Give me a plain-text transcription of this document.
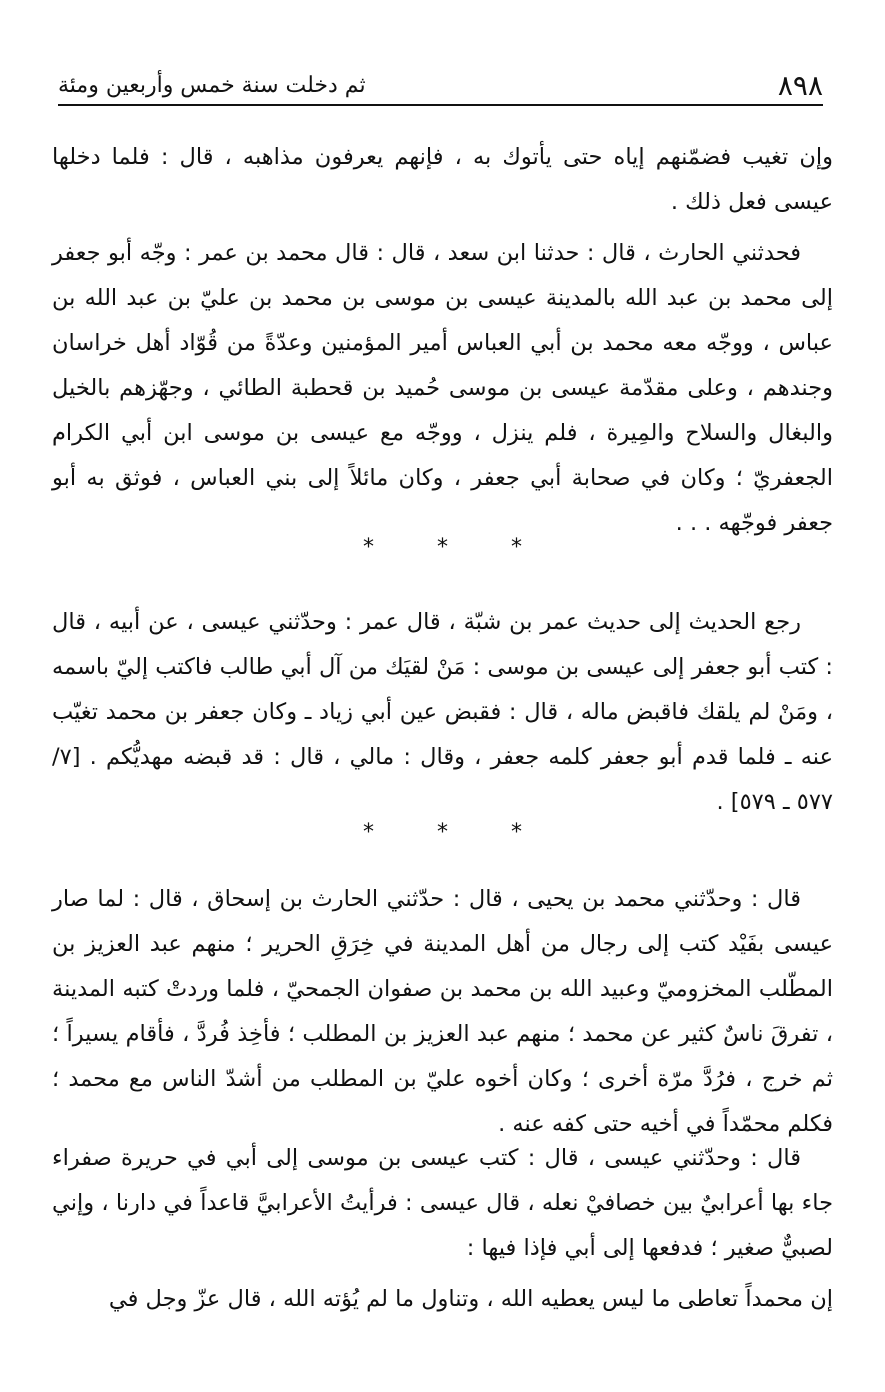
٨٩٨
ثم دخلت سنة خمس وأربعين ومئة

وإن تغيب فضمّنهم إياه حتى يأتوك به ، فإنهم يعرفون مذاهبه ، قال : فلما دخلها عيسى فعل ذلك .

فحدثني الحارث ، قال : حدثنا ابن سعد ، قال : قال محمد بن عمر : وجّه أبو جعفر إلى محمد بن عبد الله بالمدينة عيسى بن موسى بن محمد بن عليّ بن عبد الله بن عباس ، ووجّه معه محمد بن أبي العباس أمير المؤمنين وعدّةً من قُوّاد أهل خراسان وجندهم ، وعلى مقدّمة عيسى بن موسى حُميد بن قحطبة الطائي ، وجهّزهم بالخيل والبغال والسلاح والمِيرة ، فلم ينزل ، ووجّه مع عيسى بن موسى ابن أبي الكرام الجعفريّ ؛ وكان في صحابة أبي جعفر ، وكان مائلاً إلى بني العباس ، فوثق به أبو جعفر فوجّهه . . .

* * *

رجع الحديث إلى حديث عمر بن شبّة ، قال عمر : وحدّثني عيسى ، عن أبيه ، قال : كتب أبو جعفر إلى عيسى بن موسى : مَنْ لقيَك من آل أبي طالب فاكتب إليّ باسمه ، ومَنْ لم يلقك فاقبض ماله ، قال : فقبض عين أبي زياد ـ وكان جعفر بن محمد تغيّب عنه ـ فلما قدم أبو جعفر كلمه جعفر ، وقال : مالي ، قال : قد قبضه مهديُّكم . [٧/ ٥٧٧ ـ ٥٧٩] .

* * *

قال : وحدّثني محمد بن يحيى ، قال : حدّثني الحارث بن إسحاق ، قال : لما صار عيسى بفَيْد كتب إلى رجال من أهل المدينة في خِرَقِ الحرير ؛ منهم عبد العزيز بن المطّلب المخزوميّ وعبيد الله بن محمد بن صفوان الجمحيّ ، فلما وردتْ كتبه المدينة ، تفرقَ ناسٌ كثير عن محمد ؛ منهم عبد العزيز بن المطلب ؛ فأخِذ فُردَّ ، فأقام يسيراً ؛ ثم خرج ، فرُدَّ مرّة أخرى ؛ وكان أخوه عليّ بن المطلب من أشدّ الناس مع محمد ؛ فكلم محمّداً في أخيه حتى كفه عنه .

قال : وحدّثني عيسى ، قال : كتب عيسى بن موسى إلى أبي في حريرة صفراء جاء بها أعرابيٌ بين خصافيْ نعله ، قال عيسى : فرأيتُ الأعرابيَّ قاعداً في دارنا ، وإني لصبيٌّ صغير ؛ فدفعها إلى أبي فإذا فيها :

إن محمداً تعاطى ما ليس يعطيه الله ، وتناول ما لم يُؤته الله ، قال عزّ وجل في
